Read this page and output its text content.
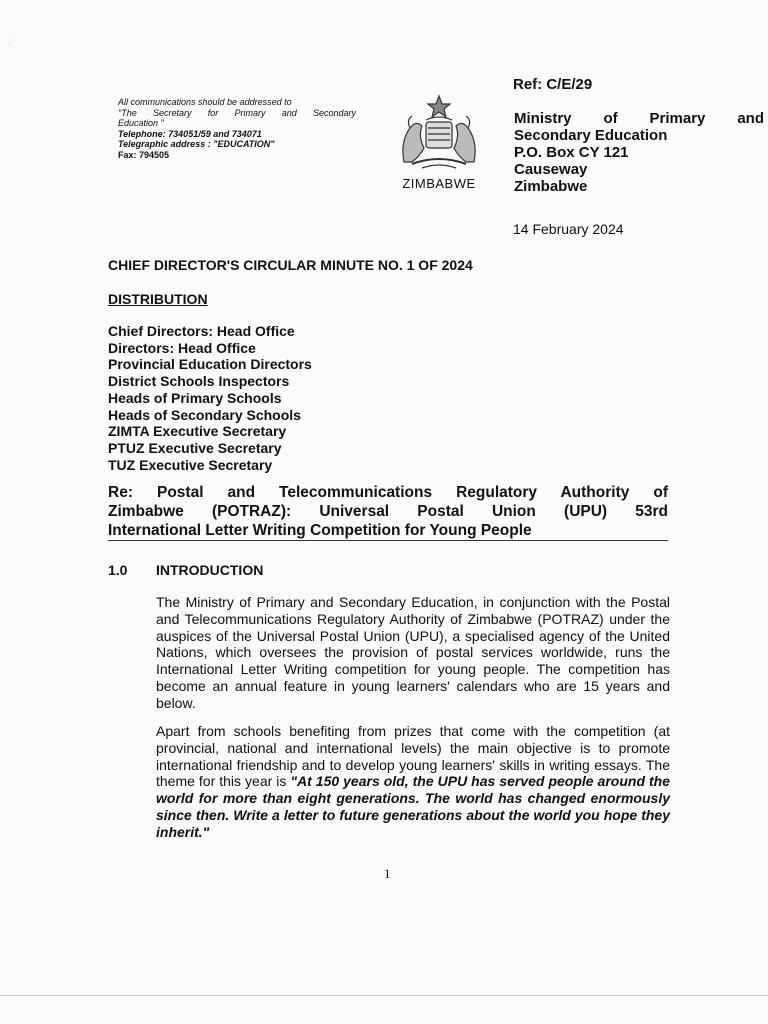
·
·
All communications should be addressed to
"The Secretary for Primary and Secondary
Education "
Telephone: 734051/59 and 734071
Telegraphic address : "EDUCATION"
Fax: 794505
ZIMBABWE
Ref: C/E/29
Ministry of Primary and
Secondary Education
P.O. Box CY 121
Causeway
Zimbabwe
14 February 2024
CHIEF DIRECTOR'S CIRCULAR MINUTE NO. 1 OF 2024
DISTRIBUTION
Chief Directors: Head Office
Directors: Head Office
Provincial Education Directors
District Schools Inspectors
Heads of Primary Schools
Heads of Secondary Schools
ZIMTA Executive Secretary
PTUZ Executive Secretary
TUZ Executive Secretary
Re: Postal and Telecommunications Regulatory Authority of
Zimbabwe (POTRAZ): Universal Postal Union (UPU) 53rd
International Letter Writing Competition for Young People
1.0 INTRODUCTION
The Ministry of Primary and Secondary Education, in conjunction with the Postal and Telecommunications Regulatory Authority of Zimbabwe (POTRAZ) under the auspices of the Universal Postal Union (UPU), a specialised agency of the United Nations, which oversees the provision of postal services worldwide, runs the International Letter Writing competition for young people. The competition has become an annual feature in young learners' calendars who are 15 years and below.
Apart from schools benefiting from prizes that come with the competition (at provincial, national and international levels) the main objective is to promote international friendship and to develop young learners' skills in writing essays. The theme for this year is "At 150 years old, the UPU has served people around the world for more than eight generations. The world has changed enormously since then. Write a letter to future generations about the world you hope they inherit."
1
